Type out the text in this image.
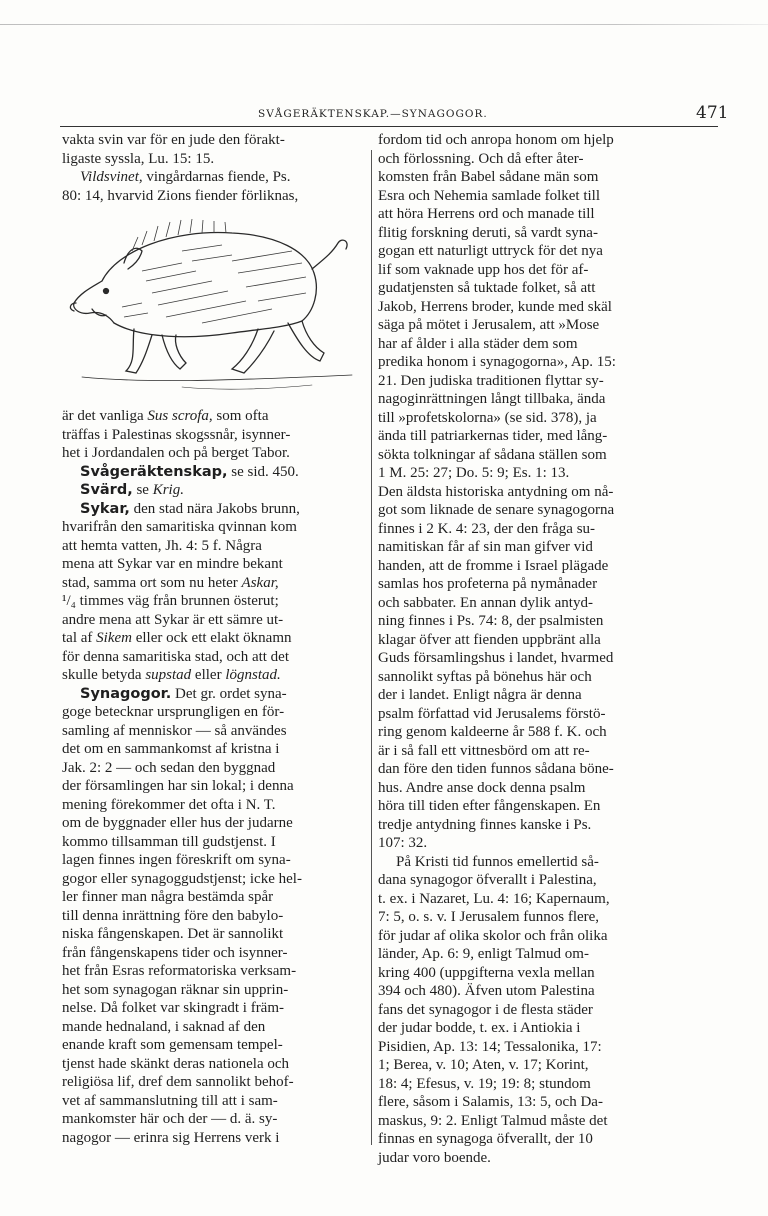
SVÅGERÄKTENSKAP.—SYNAGOGOR.	471

vakta svin var för en jude den förakt-

ligaste syssla, Lu. 15: 15.

Vildsvinet, vingårdarnas fiende, Ps.

80: 14, hvarvid Zions fiender förliknas,

är det vanliga Sus scrofa, som ofta

träffas i Palestinas skogssnår, isynner-

het i Jordandalen och på berget Tabor.

Svågeräktenskap, se sid. 450.

Svärd, se Krig.

Sykar, den stad nära Jakobs brunn,

hvarifrån den samaritiska qvinnan kom

att hemta vatten, Jh. 4: 5 f. Några

mena att Sykar var en mindre bekant

stad, samma ort som nu heter Askar,

¹/₄ timmes väg från brunnen österut;

andre mena att Sykar är ett sämre ut-

tal af Sikem eller ock ett elakt öknamn

för denna samaritiska stad, och att det

skulle betyda supstad eller lögnstad.

Synagogor. Det gr. ordet syna-

goge betecknar ursprungligen en för-

samling af menniskor — så användes

det om en sammankomst af kristna i

Jak. 2: 2 — och sedan den byggnad

der församlingen har sin lokal; i denna

mening förekommer det ofta i N. T.

om de byggnader eller hus der judarne

kommo tillsamman till gudstjenst. I

lagen finnes ingen föreskrift om syna-

gogor eller synagoggudstjenst; icke hel-

ler finner man några bestämda spår

till denna inrättning före den babylo-

niska fångenskapen. Det är sannolikt

från fångenskapens tider och isynner-

het från Esras reformatoriska verksam-

het som synagogan räknar sin upprin-

nelse. Då folket var skingradt i främ-

mande hednaland, i saknad af den

enande kraft som gemensam tempel-

tjenst hade skänkt deras nationela och

religiösa lif, dref dem sannolikt behof-

vet af sammanslutning till att i sam-

mankomster här och der — d. ä. sy-

nagogor — erinra sig Herrens verk i

fordom tid och anropa honom om hjelp

och förlossning. Och då efter åter-

komsten från Babel sådane män som

Esra och Nehemia samlade folket till

att höra Herrens ord och manade till

flitig forskning deruti, så vardt syna-

gogan ett naturligt uttryck för det nya

lif som vaknade upp hos det för af-

gudatjensten så tuktade folket, så att

Jakob, Herrens broder, kunde med skäl

säga på mötet i Jerusalem, att »Mose

har af ålder i alla städer dem som

predika honom i synagogorna», Ap. 15:

21. Den judiska traditionen flyttar sy-

nagoginrättningen långt tillbaka, ända

till »profetskolorna» (se sid. 378), ja

ända till patriarkernas tider, med lång-

sökta tolkningar af sådana ställen som

1 M. 25: 27; Do. 5: 9; Es. 1: 13.

Den äldsta historiska antydning om nå-

got som liknade de senare synagogorna

finnes i 2 K. 4: 23, der den fråga su-

namitiskan får af sin man gifver vid

handen, att de fromme i Israel plägade

samlas hos profeterna på nymånader

och sabbater. En annan dylik antyd-

ning finnes i Ps. 74: 8, der psalmisten

klagar öfver att fienden uppbränt alla

Guds församlingshus i landet, hvarmed

sannolikt syftas på bönehus här och

der i landet. Enligt några är denna

psalm författad vid Jerusalems förstö-

ring genom kaldeerne år 588 f. K. och

är i så fall ett vittnesbörd om att re-

dan före den tiden funnos sådana böne-

hus. Andre anse dock denna psalm

höra till tiden efter fångenskapen. En

tredje antydning finnes kanske i Ps.

107: 32.

På Kristi tid funnos emellertid så-

dana synagogor öfverallt i Palestina,

t. ex. i Nazaret, Lu. 4: 16; Kapernaum,

7: 5, o. s. v. I Jerusalem funnos flere,

för judar af olika skolor och från olika

länder, Ap. 6: 9, enligt Talmud om-

kring 400 (uppgifterna vexla mellan

394 och 480). Äfven utom Palestina

fans det synagogor i de flesta städer

der judar bodde, t. ex. i Antiokia i

Pisidien, Ap. 13: 14; Tessalonika, 17:

1; Berea, v. 10; Aten, v. 17; Korint,

18: 4; Efesus, v. 19; 19: 8; stundom

flere, såsom i Salamis, 13: 5, och Da-

maskus, 9: 2. Enligt Talmud måste det

finnas en synagoga öfverallt, der 10

judar voro boende.
